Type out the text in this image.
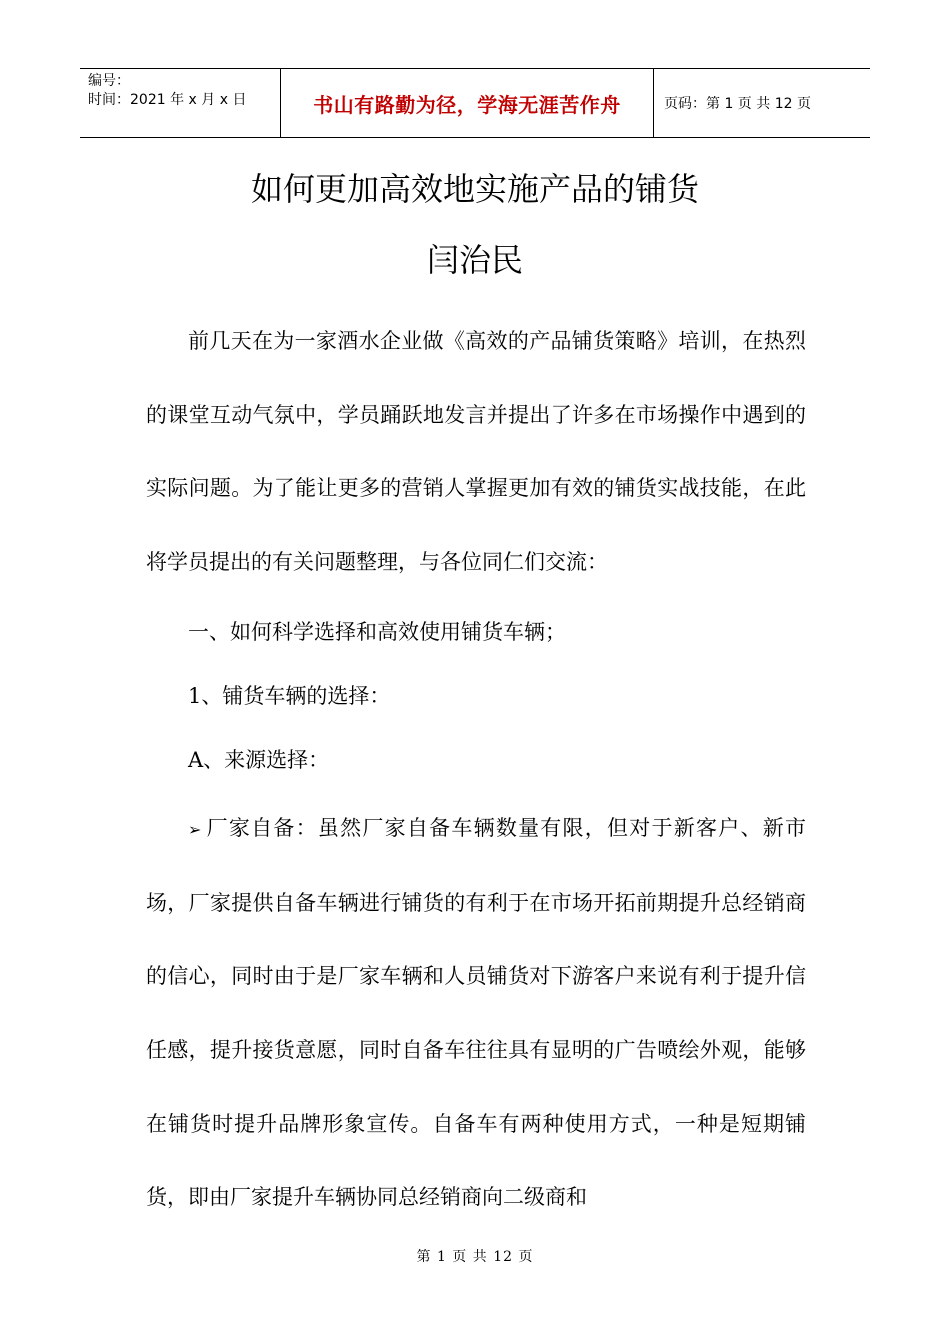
编号：
时间：2021 年 x 月 x 日	书山有路勤为径，学海无涯苦作舟	页码：第 1 页 共 12 页
如何更加高效地实施产品的铺货
闫治民

前几天在为一家酒水企业做《高效的产品铺货策略》培训，在热烈的课堂互动气氛中，学员踊跃地发言并提出了许多在市场操作中遇到的实际问题。为了能让更多的营销人掌握更加有效的铺货实战技能，在此将学员提出的有关问题整理，与各位同仁们交流：

一、如何科学选择和高效使用铺货车辆；

1、铺货车辆的选择：

A、来源选择：

➢ 厂家自备：虽然厂家自备车辆数量有限，但对于新客户、新市场，厂家提供自备车辆进行铺货的有利于在市场开拓前期提升总经销商的信心，同时由于是厂家车辆和人员铺货对下游客户来说有利于提升信任感，提升接货意愿，同时自备车往往具有显明的广告喷绘外观，能够在铺货时提升品牌形象宣传。自备车有两种使用方式，一种是短期铺货，即由厂家提升车辆协同总经销商向二级商和

第 1 页 共 12 页
